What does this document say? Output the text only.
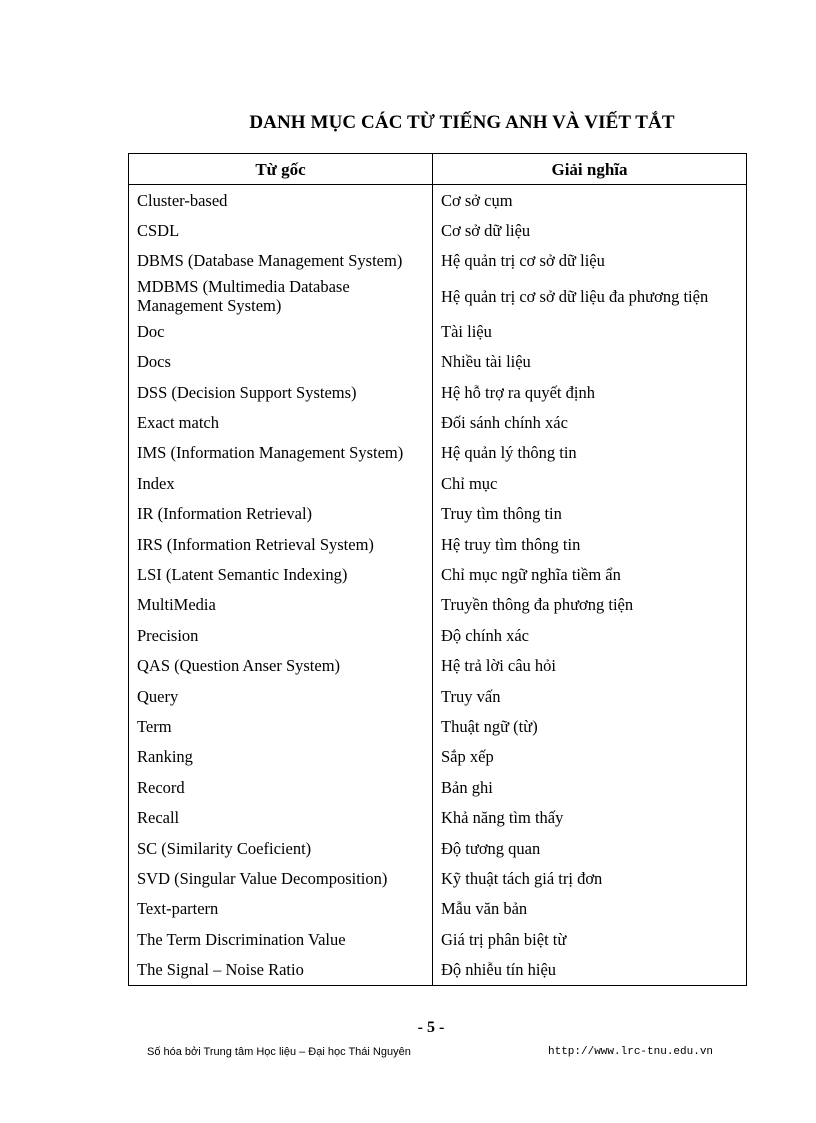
DANH MỤC CÁC TỪ TIẾNG ANH VÀ VIẾT TẮT
Từ gốc	Giải nghĩa
Cluster-based	Cơ sở cụm
CSDL	Cơ sở dữ liệu
DBMS (Database Management System)	Hệ quản trị cơ sở dữ liệu
MDBMS (Multimedia Database Management System)	Hệ quản trị cơ sở dữ liệu đa phương tiện
Doc	Tài liệu
Docs	Nhiều tài liệu
DSS (Decision Support Systems)	Hệ hỗ trợ ra quyết định
Exact match	Đối sánh chính xác
IMS (Information Management System)	Hệ quản lý thông tin
Index	Chỉ mục
IR (Information Retrieval)	Truy tìm thông tin
IRS (Information Retrieval System)	Hệ truy tìm thông tin
LSI (Latent Semantic Indexing)	Chỉ mục ngữ nghĩa tiềm ẩn
MultiMedia	Truyền thông đa phương tiện
Precision	Độ chính xác
QAS (Question Anser System)	Hệ trả lời câu hỏi
Query	Truy vấn
Term	Thuật ngữ (từ)
Ranking	Sắp xếp
Record	Bản ghi
Recall	Khả năng tìm thấy
SC (Similarity Coeficient)	Độ tương quan
SVD (Singular Value Decomposition)	Kỹ thuật tách giá trị đơn
Text-partern	Mẫu văn bản
The Term Discrimination Value	Giá trị phân biệt từ
The Signal – Noise Ratio	Độ nhiễu tín hiệu
- 5 -
Số hóa bởi Trung tâm Học liệu – Đại học Thái Nguyên	http://www.lrc-tnu.edu.vn
